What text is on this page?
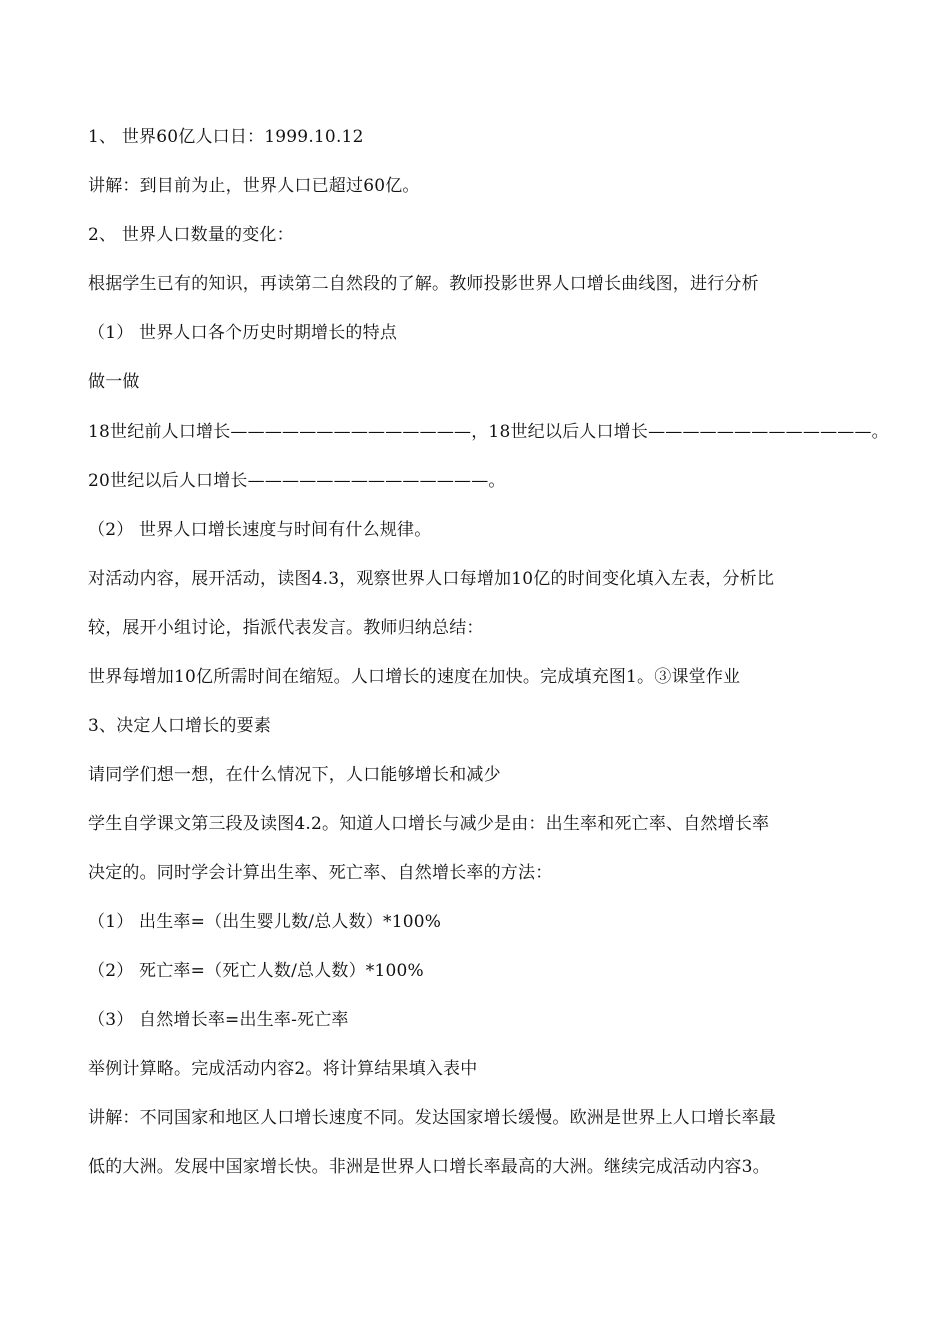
1、 世界60亿人口日：1999.10.12
讲解：到目前为止，世界人口已超过60亿。
2、 世界人口数量的变化：
根据学生已有的知识，再读第二自然段的了解。教师投影世界人口增长曲线图，进行分析
（1） 世界人口各个历史时期增长的特点
做一做
18世纪前人口增长——————————————，18世纪以后人口增长—————————————。
20世纪以后人口增长——————————————。
（2） 世界人口增长速度与时间有什么规律。
对活动内容，展开活动，读图4.3，观察世界人口每增加10亿的时间变化填入左表，分析比
较，展开小组讨论，指派代表发言。教师归纳总结：
世界每增加10亿所需时间在缩短。人口增长的速度在加快。完成填充图1。③课堂作业
3、决定人口增长的要素
请同学们想一想，在什么情况下，人口能够增长和减少
学生自学课文第三段及读图4.2。知道人口增长与减少是由：出生率和死亡率、自然增长率
决定的。同时学会计算出生率、死亡率、自然增长率的方法：
（1） 出生率=（出生婴儿数/总人数）*100%
（2） 死亡率=（死亡人数/总人数）*100%
（3） 自然增长率=出生率-死亡率
举例计算略。完成活动内容2。将计算结果填入表中
讲解：不同国家和地区人口增长速度不同。发达国家增长缓慢。欧洲是世界上人口增长率最
低的大洲。发展中国家增长快。非洲是世界人口增长率最高的大洲。继续完成活动内容3。
